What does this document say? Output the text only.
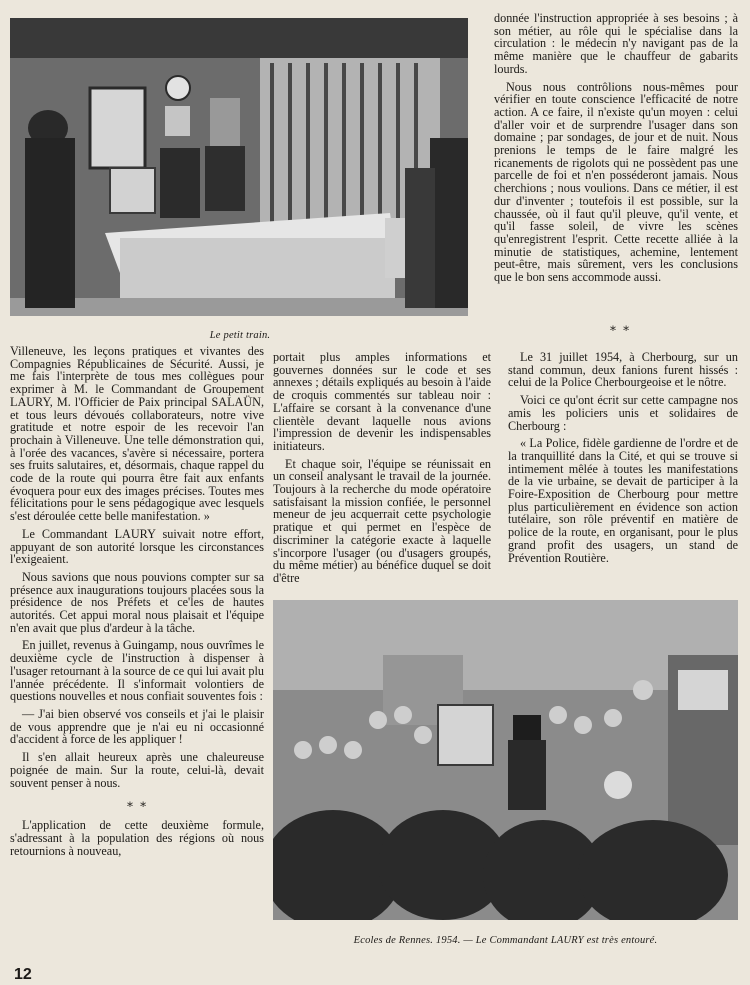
Le petit train.

donnée l'instruction appropriée à ses besoins ; à son métier, au rôle qui le spécialise dans la circulation : le médecin n'y navigant pas de la même manière que le chauffeur de gabarits lourds.

Nous nous contrôlions nous-mêmes pour vérifier en toute conscience l'efficacité de notre action. A ce faire, il n'existe qu'un moyen : celui d'aller voir et de surprendre l'usager dans son domaine ; par sondages, de jour et de nuit. Nous prenions le temps de le faire malgré les ricanements de rigolots qui ne possèdent pas une parcelle de foi et n'en posséderont jamais. Nous cherchions ; nous voulions. Dans ce métier, il est dur d'inventer ; toutefois il est possible, sur la chaussée, où il faut qu'il pleuve, qu'il vente, et qu'il fasse soleil, de vivre les scènes qu'enregistrent l'esprit. Cette recette alliée à la minutie de statistiques, achemine, lentement peut-être, mais sûrement, vers les conclusions que le bon sens accommode aussi.

∗ ∗

Villeneuve, les leçons pratiques et vivantes des Compagnies Républicaines de Sécurité. Aussi, je me fais l'interprète de tous mes collègues pour exprimer à M. le Commandant de Groupement LAURY, M. l'Officier de Paix principal SALAÜN, et tous leurs dévoués collaborateurs, notre vive gratitude et notre espoir de les recevoir l'an prochain à Villeneuve. Une telle démonstration qui, à l'orée des vacances, s'avère si nécessaire, portera ses fruits salutaires, et, désormais, chaque rappel du code de la route qui pourra être fait aux enfants évoquera pour eux des images précises. Toutes mes félicitations pour le sens pédagogique avec lesquels s'est déroulée cette belle manifestation. »

Le Commandant LAURY suivait notre effort, appuyant de son autorité lorsque les circonstances l'exigeaient.

Nous savions que nous pouvions compter sur sa présence aux inaugurations toujours placées sous la présidence de nos Préfets et ce'les de hautes autorités. Cet appui moral nous plaisait et l'équipe n'en avait que plus d'ardeur à la tâche.

En juillet, revenus à Guingamp, nous ouvrîmes le deuxième cycle de l'instruction à dispenser à l'usager retournant à la source de ce qui lui avait plu l'année précédente. Il s'informait volontiers de questions nouvelles et nous confiait souventes fois :

— J'ai bien observé vos conseils et j'ai le plaisir de vous apprendre que je n'ai eu ni occasionné d'accident à force de les appliquer !

Il s'en allait heureux après une chaleureuse poignée de main. Sur la route, celui-là, devait souvent penser à nous.

∗ ∗

L'application de cette deuxième formule, s'adressant à la population des régions où nous retournions à nouveau,

portait plus amples informations et gouvernes données sur le code et ses annexes ; détails expliqués au besoin à l'aide de croquis commentés sur tableau noir : L'affaire se corsant à la convenance d'une clientèle devant laquelle nous avions l'impression de devenir les indispensables initiateurs.

Et chaque soir, l'équipe se réunissait en un conseil analysant le travail de la journée. Toujours à la recherche du mode opératoire satisfaisant la mission confiée, le personnel meneur de jeu acquerrait cette psychologie pratique et qui permet en l'espèce de discriminer la catégorie exacte à laquelle s'incorpore l'usager (ou d'usagers groupés, du même métier) au bénéfice duquel se doit d'être

Le 31 juillet 1954, à Cherbourg, sur un stand commun, deux fanions furent hissés : celui de la Police Cherbourgeoise et le nôtre.

Voici ce qu'ont écrit sur cette campagne nos amis les policiers unis et solidaires de Cherbourg :

« La Police, fidèle gardienne de l'ordre et de la tranquillité dans la Cité, et qui se trouve si intimement mêlée à toutes les manifestations de la vie urbaine, se devait de participer à la Foire-Exposition de Cherbourg pour mettre plus particulièrement en évidence son action tutélaire, son rôle préventif en matière de police de la route, en organisant, pour le plus grand profit des usagers, un stand de Prévention Routière.

Ecoles de Rennes. 1954. — Le Commandant LAURY est très entouré.
12
